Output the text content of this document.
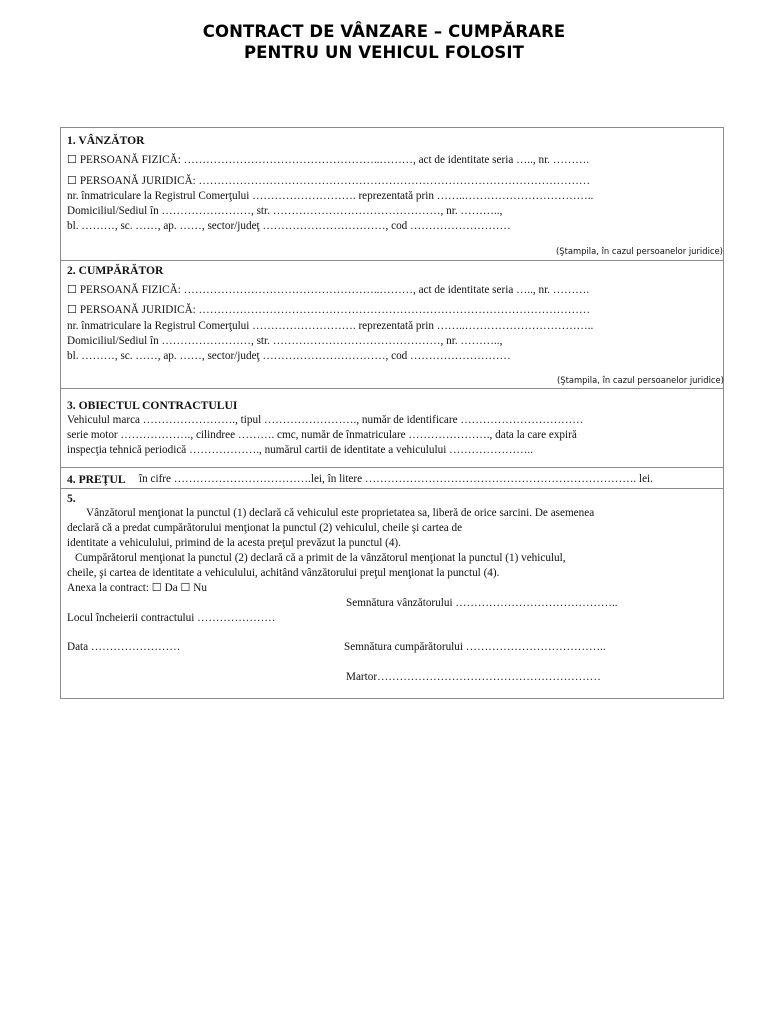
CONTRACT DE VÂNZARE – CUMPĂRARE
PENTRU UN VEHICUL FOLOSIT
1. VÂNZĂTOR
☐ PERSOANĂ FIZICĂ: ……………………………………………..………, act de identitate seria ….., nr. ……….
☐ PERSOANĂ JURIDICĂ: ……………………………………………………………………………………………
nr. înmatriculare la Registrul Comerţului ………………………. reprezentată prin ……..……………………………..
Domiciliul/Sediul în ……………………, str. ………………………………………, nr. ………..,
bl. ………, sc. ……, ap. ……, sector/judeţ ……………………………, cod ………………………
(Ştampila, în cazul persoanelor juridice)
2. CUMPĂRĂTOR
☐ PERSOANĂ FIZICĂ: ……………………………………………..………, act de identitate seria ….., nr. ……….
☐ PERSOANĂ JURIDICĂ: ……………………………………………………………………………………………
nr. înmatriculare la Registrul Comerţului ………………………. reprezentată prin ……..……………………………..
Domiciliul/Sediul în ……………………, str. ………………………………………, nr. ………..,
bl. ………, sc. ……, ap. ……, sector/judeţ ……………………………, cod ………………………
(Ştampila, în cazul persoanelor juridice)
3. OBIECTUL CONTRACTULUI
Vehiculul marca ……………………., tipul ……………………., număr de identificare ……………………………
serie motor ………………., cilindree ………. cmc, număr de înmatriculare …………………., data la care expiră
inspecţia tehnică periodică ………………., numărul cartii de identitate a vehiculului …………………..
4. PREŢUL în cifre ……………………………….lei, în litere ………………………………………………………………. lei.
5.
Vânzătorul menţionat la punctul (1) declară că vehiculul este proprietatea sa, liberă de orice sarcini. De asemenea
declară că a predat cumpărătorului menţionat la punctul (2) vehiculul, cheile şi cartea de
identitate a vehiculului, primind de la acesta preţul prevăzut la punctul (4).
Cumpărătorul menţionat la punctul (2) declară că a primit de la vânzătorul menţionat la punctul (1) vehiculul,
cheile, şi cartea de identitate a vehiculului, achitând vânzătorului preţul menţionat la punctul (4).
Anexa la contract: ☐ Da ☐ Nu
Semnătura vânzătorului ……………………………………..
Locul încheierii contractului …………………
Data ……………………	Semnătura cumpărătorului ………………………………..
Martor……………………………………………………
